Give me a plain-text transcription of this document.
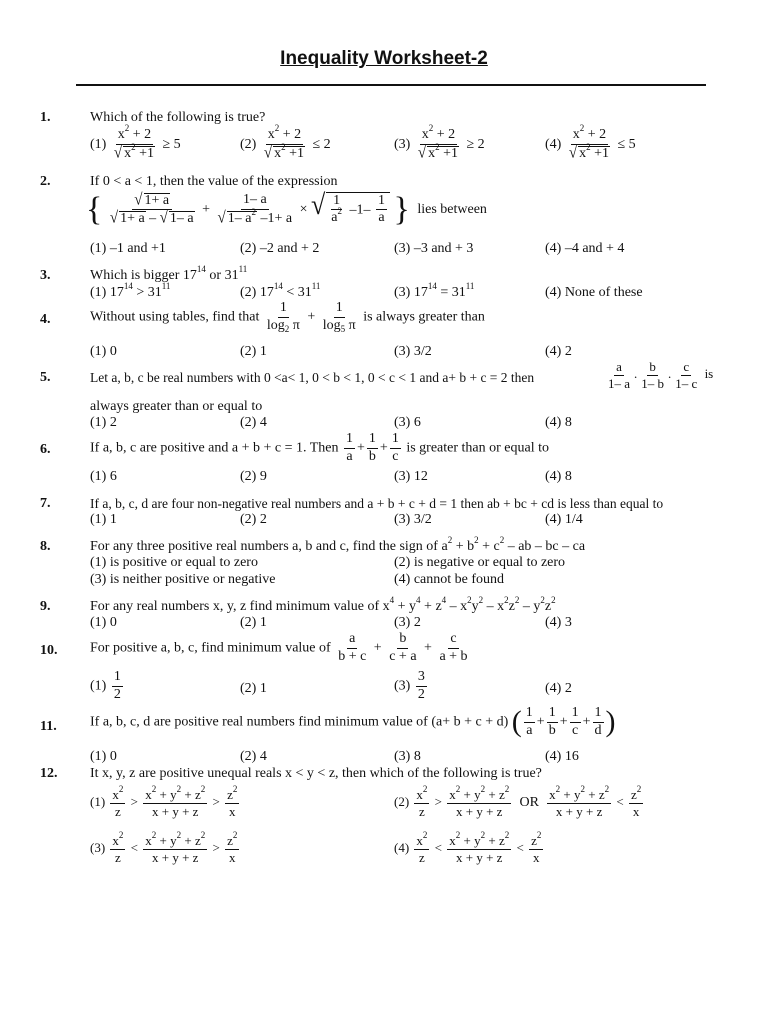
Inequality Worksheet-2
1.	Which of the following is true?
$(1) \frac{x^2 + 2}{√ x^2 +1} \ge 5$	$(2) \frac{x^2 + 2}{√ x^2 +1} \le 2$	$(3) \frac{x^2 + 2}{√ x^2 +1} \ge 2$	$(4) \frac{x^2 + 2}{√ x^2 +1} \le 5$
2.	If 0 < a < 1, then the value of the expression
{ $\frac{√ 1+ a}{√ 1+ a - √ 1- a} + \frac{1- a}{√ 1- a^2 -1+ a}$ × √ $\frac{1}{a^2} -1- \frac{1}{a}$ } lies between
(1) –1 and +1	(2) –2 and + 2	(3) –3 and + 3	(4) –4 and + 4
3.	Which is bigger $17^{14}$ or $31^{11}$
(1) $17^{14} > 31^{11}$	(2) $17^{14} < 31^{11}$	(3) $17^{14} = 31^{11}$	(4) None of these
4.	Without using tables, find that $\frac{1}{\log_2 \pi} + \frac{1}{\log_5 \pi}$ is always greater than
(1) 0	(2) 1	(3) 3/2	(4) 2
5.	Let a, b, c be real numbers with 0 <a< 1, 0 < b < 1, 0 < c < 1 and a+ b + c = 2 then	$\frac{a}{1- a}$ . $\frac{b}{1- b}$ . $\frac{c}{1- c}$ is
always greater than or equal to
(1) 2	(2) 4	(3) 6	(4) 8
6.	If a, b, c are positive and a + b + c = 1. Then $\frac{1}{a} + \frac{1}{b} + \frac{1}{c}$ is greater than or equal to
(1) 6	(2) 9	(3) 12	(4) 8
7.	If a, b, c, d are four non-negative real numbers and a + b + c + d = 1 then ab + bc + cd is less than equal to
(1) 1	(2) 2	(3) 3/2	(4) 1/4
8.	For any three positive real numbers a, b and c, find the sign of $a^2 + b^2 + c^2$ – ab – bc – ca
(1) is positive or equal to zero	(2) is negative or equal to zero
(3) is neither positive or negative	(4) cannot be found
9.	For any real numbers x, y, z find minimum value of $x^4 + y^4 + z^4 - x^2y^2 - x^2z^2 - y^2z^2$
(1) 0	(2) 1	(3) 2	(4) 3
10. For positive a, b, c, find minimum value of $\frac{a}{b + c} + \frac{b}{c + a} + \frac{c}{a + b}$
$(1) \frac{1}{2}$	(2) 1	$(3) \frac{3}{2}$	(4) 2
11. If a, b, c, d are positive real numbers find minimum value of (a+ b + c + d) ( $\frac{1}{a} + \frac{1}{b} + \frac{1}{c} + \frac{1}{d}$ )
(1) 0	(2) 4	(3) 8	(4) 16
12. It x, y, z are positive unequal reals x < y < z, then which of the following is true?
$(1) \frac{x^2}{z} > \frac{x^2 + y^2 + z^2}{x + y + z} > \frac{z^2}{x}$	$(2) \frac{x^2}{z} > \frac{x^2 + y^2 + z^2}{x + y + z}$ OR $\frac{x^2 + y^2 + z^2}{x + y + z} < \frac{z^2}{x}$
$(3) \frac{x^2}{z} < \frac{x^2 + y^2 + z^2}{x + y + z} > \frac{z^2}{x}$	$(4) \frac{x^2}{z} < \frac{x^2 + y^2 + z^2}{x + y + z} < \frac{z^2}{x}$
